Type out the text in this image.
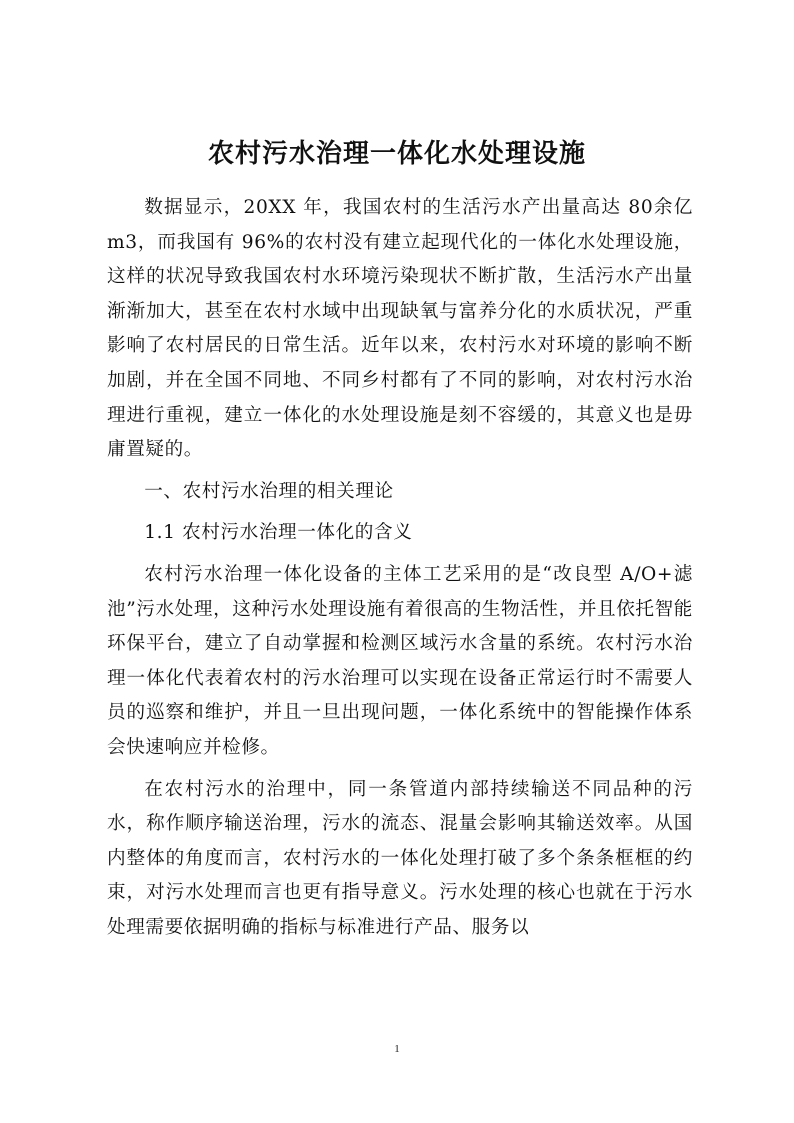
农村污水治理一体化水处理设施

数据显示，20XX 年，我国农村的生活污水产出量高达 80余亿 m3，而我国有 96%的农村没有建立起现代化的一体化水处理设施，这样的状况导致我国农村水环境污染现状不断扩散，生活污水产出量渐渐加大，甚至在农村水域中出现缺氧与富养分化的水质状况，严重影响了农村居民的日常生活。近年以来，农村污水对环境的影响不断加剧，并在全国不同地、不同乡村都有了不同的影响，对农村污水治理进行重视，建立一体化的水处理设施是刻不容缓的，其意义也是毋庸置疑的。

一、农村污水治理的相关理论

1.1 农村污水治理一体化的含义

农村污水治理一体化设备的主体工艺采用的是“改良型 A/O+滤池”污水处理，这种污水处理设施有着很高的生物活性，并且依托智能环保平台，建立了自动掌握和检测区域污水含量的系统。农村污水治理一体化代表着农村的污水治理可以实现在设备正常运行时不需要人员的巡察和维护，并且一旦出现问题，一体化系统中的智能操作体系会快速响应并检修。

在农村污水的治理中，同一条管道内部持续输送不同品种的污水，称作顺序输送治理，污水的流态、混量会影响其输送效率。从国内整体的角度而言，农村污水的一体化处理打破了多个条条框框的约束，对污水处理而言也更有指导意义。污水处理的核心也就在于污水处理需要依据明确的指标与标准进行产品、服务以

1
